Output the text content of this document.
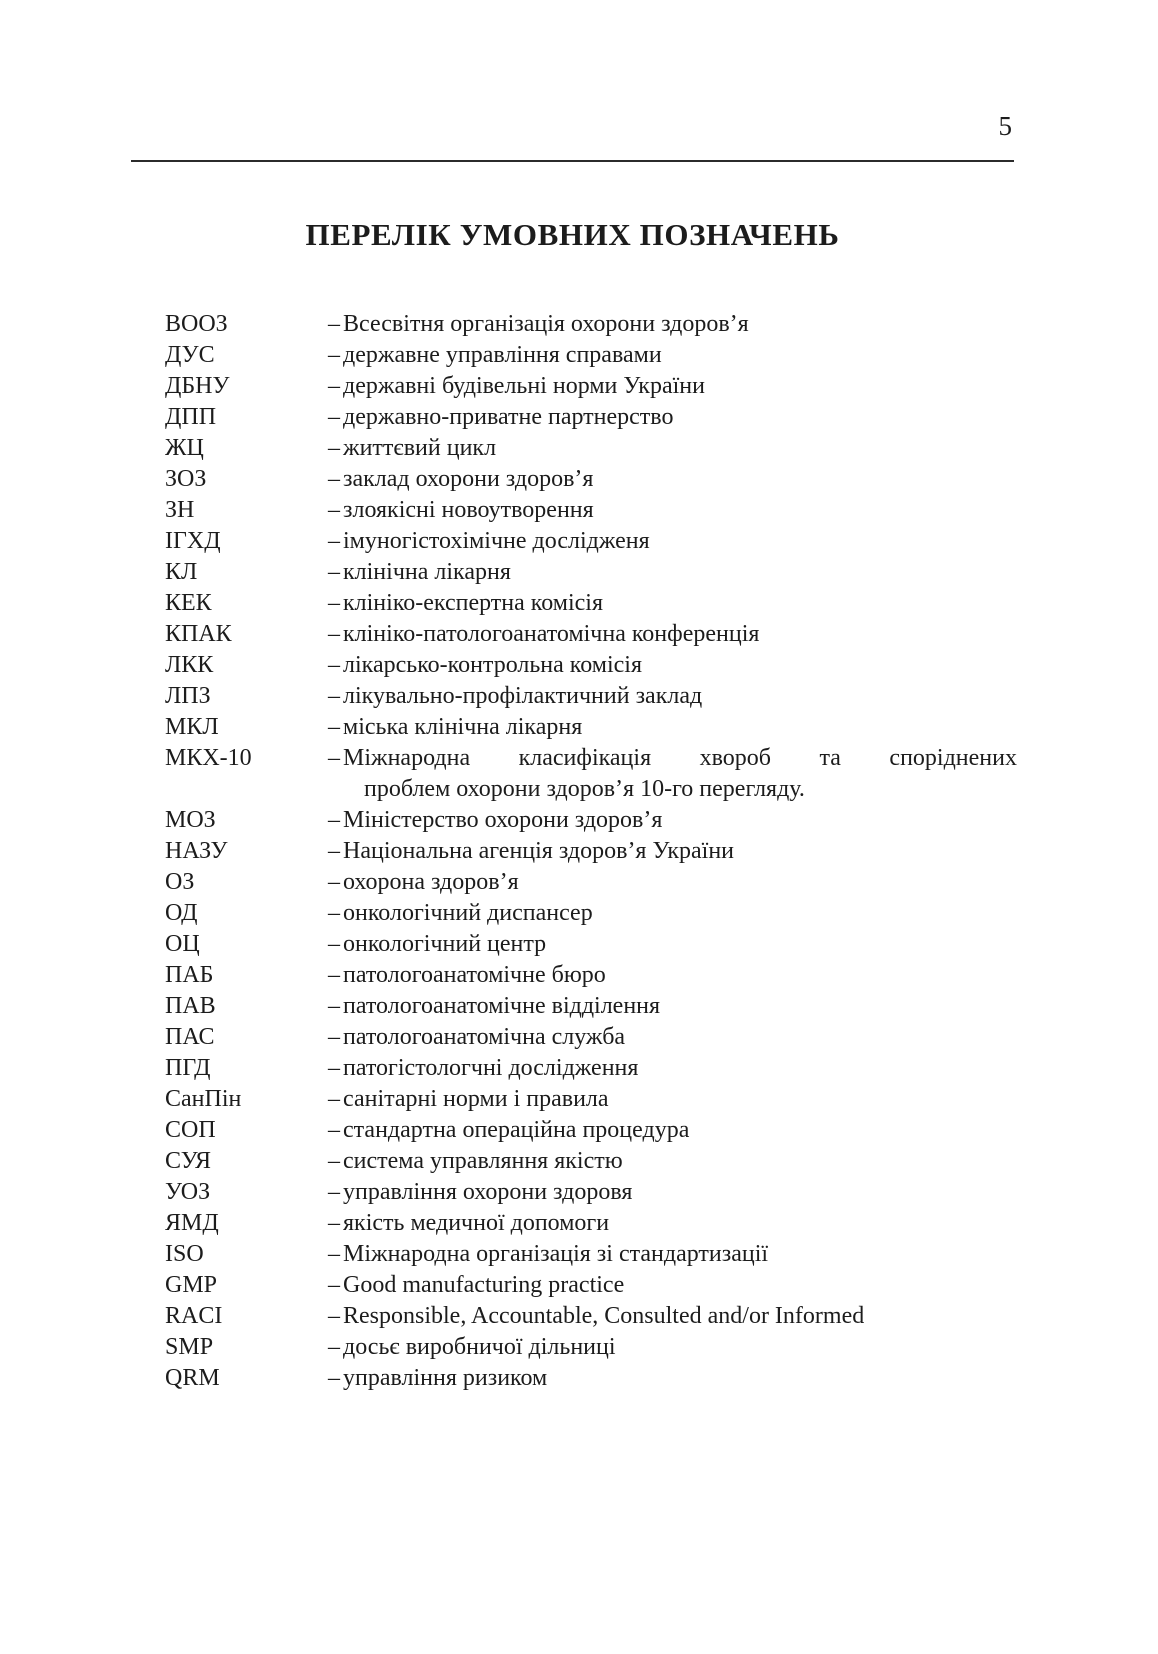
5
ПЕРЕЛІК УМОВНИХ ПОЗНАЧЕНЬ
ВООЗ	– Всесвітня організація охорони здоров’я
ДУС	– державне управління справами
ДБНУ	– державні будівельні норми України
ДПП	– державно-приватне партнерство
ЖЦ	– життєвий цикл
ЗОЗ	– заклад охорони здоров’я
ЗН	– злоякісні новоутворення
ІГХД	– імуногістохімічне дослідженя
КЛ	– клінічна лікарня
КЕК	– клініко-експертна комісія
КПАК	– клініко-патологоанатомічна конференція
ЛКК	– лікарсько-контрольна комісія
ЛПЗ	– лікувально-профілактичний заклад
МКЛ	– міська клінічна лікарня
МКХ-10	– Міжнародна класифікація хвороб та споріднених
проблем охорони здоров’я 10-го перегляду.
МОЗ	– Міністерство охорони здоров’я
НАЗУ	– Національна агенція здоров’я України
ОЗ	– охорона здоров’я
ОД	– онкологічний диспансер
ОЦ	– онкологічний центр
ПАБ	– патологоанатомічне бюро
ПАВ	– патологоанатомічне відділення
ПАС	– патологоанатомічна служба
ПГД	– патогістологчні дослідження
СанПін	– санітарні норми і правила
СОП	– стандартна операційна процедура
СУЯ	– система управляння якістю
УОЗ	– управління охорони здоровя
ЯМД	– якість медичної допомоги
ISO	– Міжнародна організація зі стандартизації
GMP	– Good manufacturing practice
RACI	– Responsible, Accountable, Consulted and/or Informed
SMP	– досьє виробничої дільниці
QRM	– управління ризиком
